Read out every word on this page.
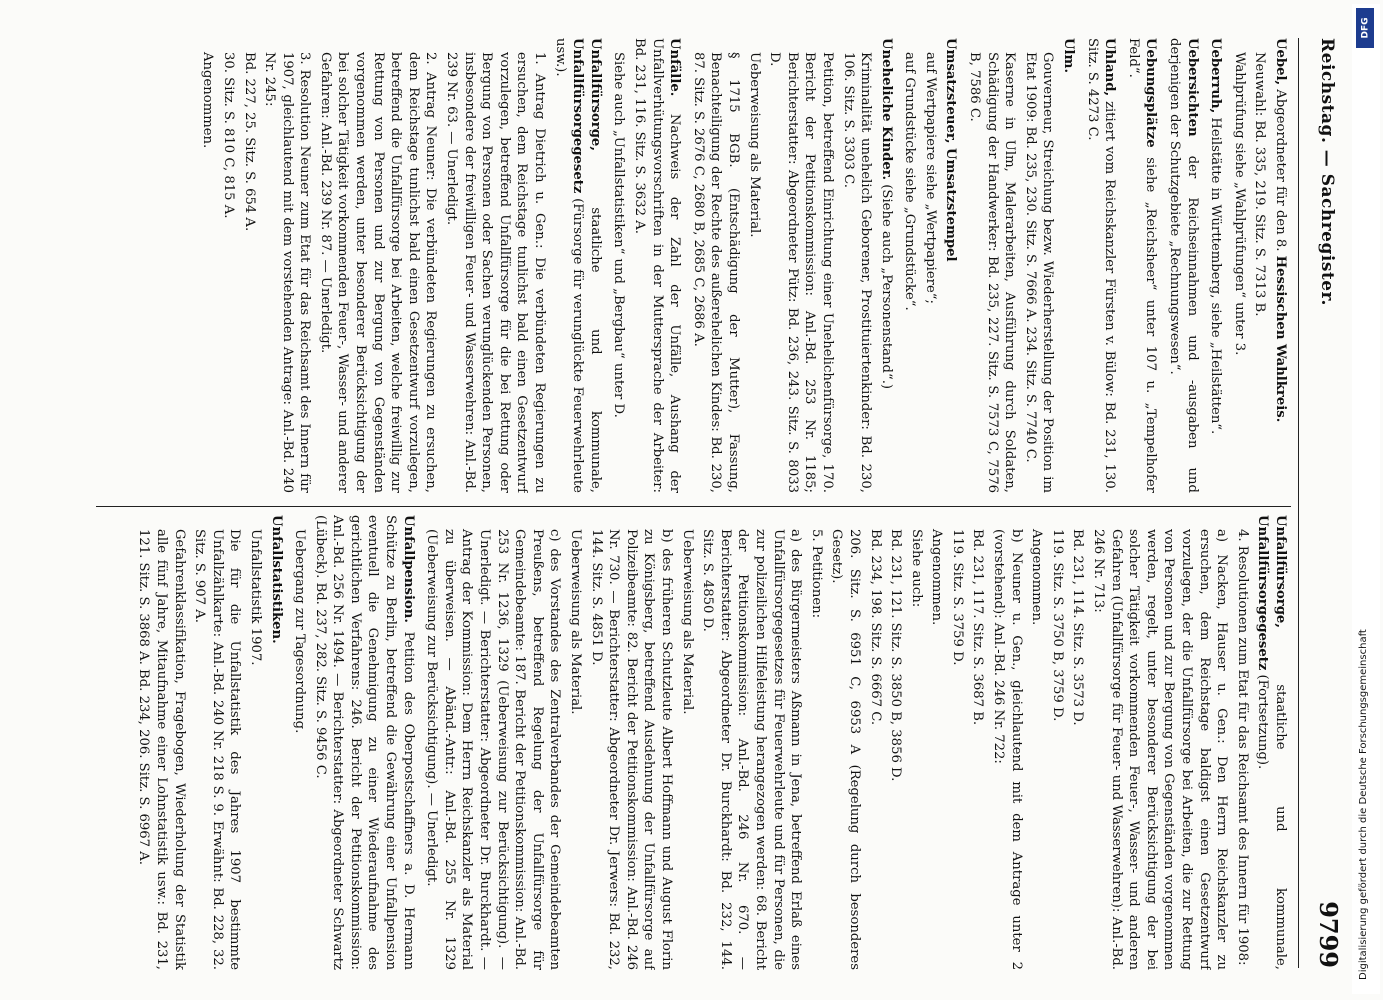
Reichstag. — Sachregister.
9799
Uebel, Abgeordneter für den 8. Hessischen Wahlkreis.
Neuwahl: Bd. 335, 219. Sitz. S. 7313 B.
Wahlprüfung siehe „Wahlprüfungen“ unter 3.
Ueberruh, Heilstätte in Württemberg, siehe „Heilstätten“.
Uebersichten der Reichseinnahmen und -ausgaben und derjenigen der Schutzgebiete „Rechnungswesen“.
Uebungsplätze siehe „Reichsheer“ unter 107 u. „Tempelhofer Feld“.
Uhland, zitiert vom Reichskanzler Fürsten v. Bülow: Bd. 231, 130. Sitz. S. 4273 C.
Ulm.
Gouverneur, Streichung bezw. Wiederherstellung der Position im Etat 1909: Bd. 235, 230. Sitz. S. 7666 A. 234. Sitz. S. 7740 C.
Kaserne in Ulm, Malerarbeiten, Ausführung durch Soldaten, Schädigung der Handwerker: Bd. 235, 227. Sitz. S. 7573 C, 7576 B, 7586 C.
Umsatzsteuer, Umsatzstempel
auf Wertpapiere siehe „Wertpapiere“;
auf Grundstücke siehe „Grundstücke“.
Uneheliche Kinder. (Siehe auch „Personenstand“.)
Kriminalität unehelich Geborener, Prostituiertenkinder: Bd. 230, 106. Sitz. S. 3303 C.
Petition, betreffend Einrichtung einer Unehelichenfürsorge, 170. Bericht der Petitionskommission: Anl.-Bd. 253 Nr. 1185; Berichterstatter: Abgeordneter Pütz: Bd. 236, 243. Sitz. S. 8033 D.
Ueberweisung als Material.
§ 1715 BGB. (Entschädigung der Mutter), Fassung, Benachteiligung der Rechte des außerehelichen Kindes: Bd. 230, 87. Sitz. S. 2676 C, 2680 B, 2685 C, 2686 A.
Unfälle. Nachweis der Zahl der Unfälle, Aushang der Unfallverhütungsvorschriften in der Muttersprache der Arbeiter: Bd. 231, 116. Sitz. S. 3632 A.
Siehe auch „Unfallstatistiken“ und „Bergbau“ unter D.
Unfallfürsorge, staatliche und kommunale, Unfallfürsorgegesetz (Fürsorge für verunglückte Feuerwehrleute usw.).
1. Antrag Dietrich u. Gen.: Die verbündeten Regierungen zu ersuchen, dem Reichstage tunlichst bald einen Gesetzentwurf vorzulegen, betreffend Unfallfürsorge für die bei Rettung oder Bergung von Personen oder Sachen verunglückenden Personen, insbesondere der freiwilligen Feuer- und Wasserwehren: Anl.-Bd. 239 Nr. 63. — Unerledigt.
2. Antrag Neuner: Die verbündeten Regierungen zu ersuchen, dem Reichstage tunlichst bald einen Gesetzentwurf vorzulegen, betreffend die Unfallfürsorge bei Arbeiten, welche freiwillig zur Rettung von Personen und zur Bergung von Gegenständen vorgenommen werden, unter besonderer Berücksichtigung der bei solcher Tätigkeit vorkommenden Feuer-, Wasser- und anderer Gefahren: Anl.-Bd. 239 Nr. 87. — Unerledigt.
3. Resolution Neuner zum Etat für das Reichsamt des Innern für 1907, gleichlautend mit dem vorstehenden Antrage: Anl.-Bd. 240 Nr. 245:
Bd. 227, 25. Sitz. S. 654 A.
30. Sitz. S. 810 C, 815 A.
Angenommen.
Unfallfürsorge, staatliche und kommunale, Unfallfürsorgegesetz (Fortsetzung).
4. Resolutionen zum Etat für das Reichsamt des Innern für 1908:
a) Nacken, Hauser u. Gen.: Den Herrn Reichskanzler zu ersuchen, dem Reichstage baldigst einen Gesetzentwurf vorzulegen, der die Unfallfürsorge bei Arbeiten, die zur Rettung von Personen und zur Bergung von Gegenständen vorgenommen werden, regelt, unter besonderer Berücksichtigung der bei solcher Tätigkeit vorkommenden Feuer-, Wasser- und anderen Gefahren (Unfallfürsorge für Feuer- und Wasserwehren): Anl.-Bd. 246 Nr. 713:
Bd. 231, 114. Sitz. S. 3573 D.
119. Sitz. S. 3750 B, 3759 D.
Angenommen.
b) Neuner u. Gen., gleichlautend mit dem Antrage unter 2 (vorstehend): Anl.-Bd. 246 Nr. 722:
Bd. 231, 117. Sitz. S. 3687 B.
119. Sitz. S. 3759 D.
Angenommen.
Siehe auch:
Bd. 231, 121. Sitz. S. 3850 B, 3856 D.
Bd. 234, 198. Sitz. S. 6667 C.
206. Sitz. S. 6951 C, 6953 A (Regelung durch besonderes Gesetz).
5. Petitionen:
a) des Bürgermeisters Aßmann in Jena, betreffend Erlaß eines Unfallfürsorgegesetzes für Feuerwehrleute und für Personen, die zur polizeilichen Hilfeleistung herangezogen werden: 68. Bericht der Petitionskommission: Anl.-Bd. 246 Nr. 670. — Berichterstatter: Abgeordneter Dr. Burckhardt: Bd. 232, 144. Sitz. S. 4850 D.
Ueberweisung als Material.
b) des früheren Schutzleute Albert Hoffmann und August Florin zu Königsberg, betreffend Ausdehnung der Unfallfürsorge auf Polizeibeamte: 82. Bericht der Petitionskommission: Anl.-Bd. 246 Nr. 730. — Berichterstatter: Abgeordneter Dr. Jerwers: Bd. 232, 144. Sitz. S. 4851 D.
Ueberweisung als Material.
c) des Vorstandes des Zentralverbandes der Gemeindebeamten Preußens, betreffend Regelung der Unfallfürsorge für Gemeindebeamte: 187. Bericht der Petitionskommission: Anl.-Bd. 253 Nr. 1236, 1329 (Ueberweisung zur Berücksichtigung). — Unerledigt. — Berichterstatter: Abgeordneter Dr. Burckhardt. — Antrag der Kommission: Dem Herrn Reichskanzler als Material zu überweisen. — Abänd.-Antr.: Anl.-Bd. 255 Nr. 1329 (Ueberweisung zur Berücksichtigung). — Unerledigt.
Unfallpension. Petition des Oberpostschaffners a. D. Hermann Schütze zu Berlin, betreffend die Gewährung einer Unfallpension eventuell die Genehmigung zu einer Wiederaufnahme des gerichtlichen Verfahrens: 246. Bericht der Petitionskommission: Anl.-Bd. 256 Nr. 1494. — Berichterstatter: Abgeordneter Schwartz (Lübeck). Bd. 237, 282. Sitz. S. 9456 C.
Uebergang zur Tagesordnung.
Unfallstatistiken.
Unfallstatistik 1907.
Die für die Unfallstatistik des Jahres 1907 bestimmte Unfallzählkarte: Anl.-Bd. 240 Nr. 218 S. 9. Erwähnt: Bd. 228, 32. Sitz. S. 907 A.
Gefahrenklassifikation, Fragebogen, Wiederholung der Statistik alle fünf Jahre, Mitaufnahme einer Lohnstatistik usw.: Bd. 231, 121. Sitz. S. 3868 A. Bd. 234, 206. Sitz. S. 6967 A.
DFG
Digitalisierung gefördert durch die Deutsche Forschungsgemeinschaft
